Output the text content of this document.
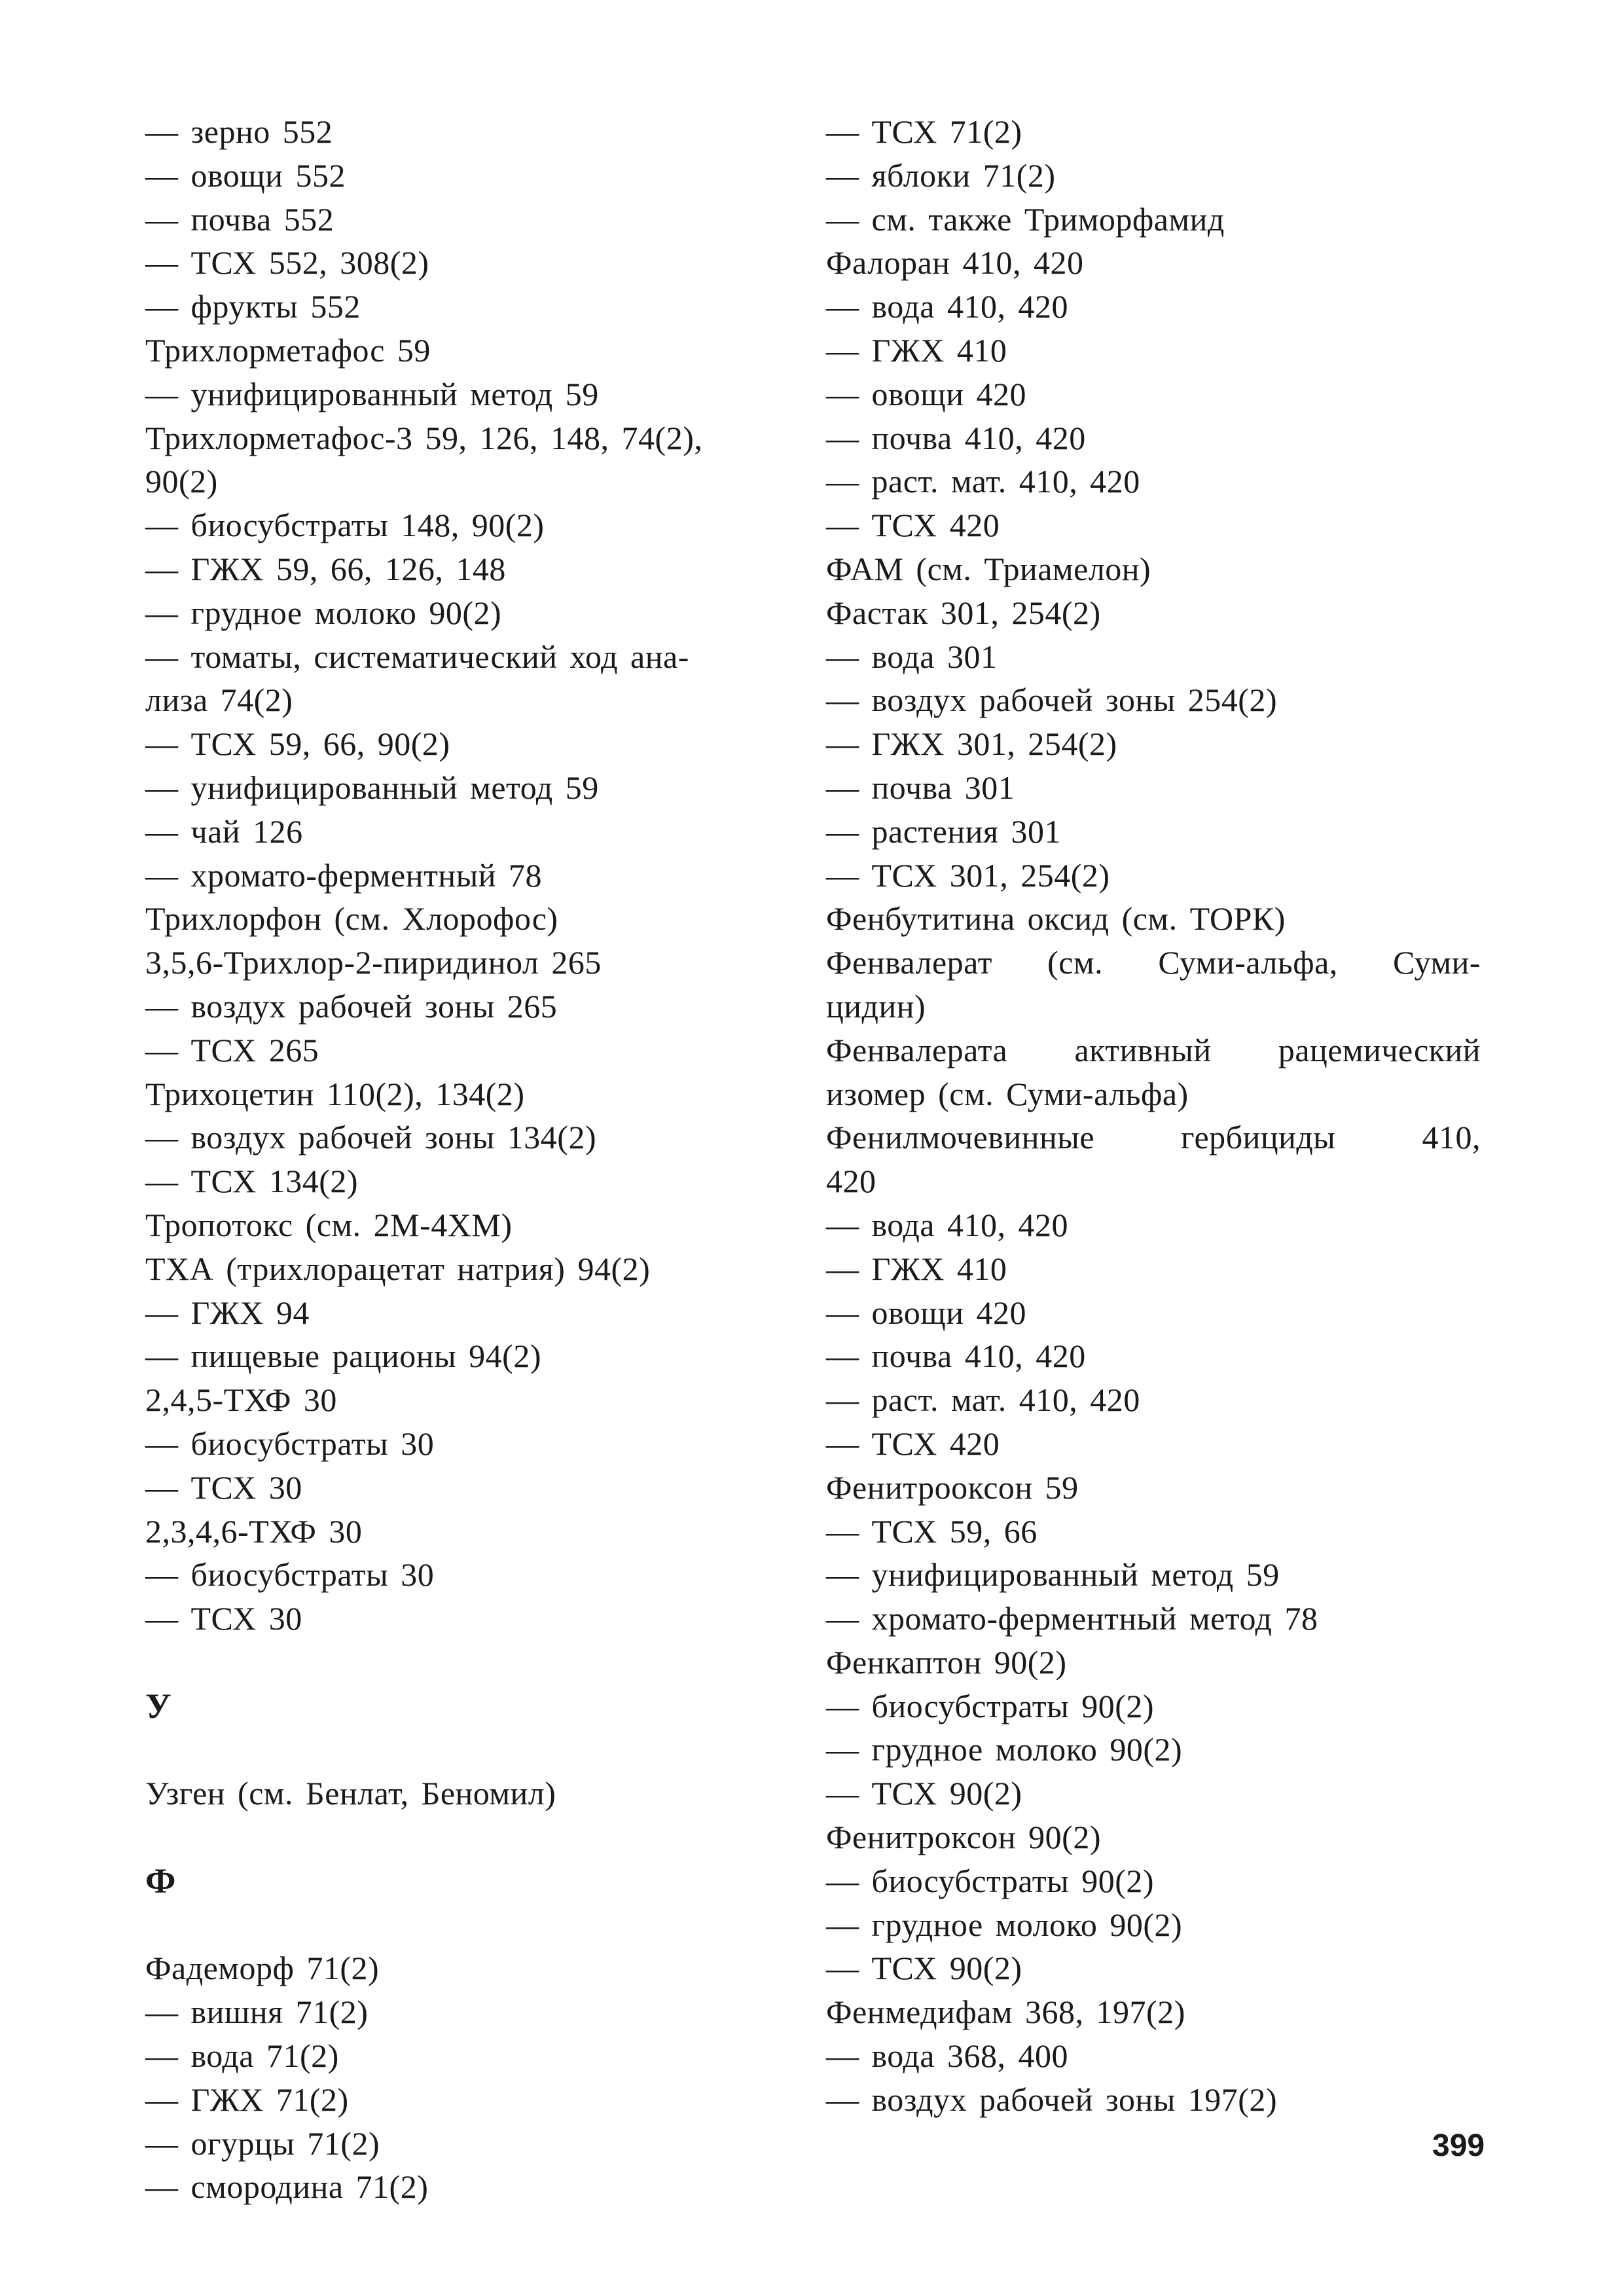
— зерно 552
— овощи 552
— почва 552
— ТСХ 552, 308(2)
— фрукты 552
Трихлорметафос 59
— унифицированный метод 59
Трихлорметафос-3 59, 126, 148, 74(2),
90(2)
— биосубстраты 148, 90(2)
— ГЖХ 59, 66, 126, 148
— грудное молоко 90(2)
— томаты, систематический ход ана-
лиза 74(2)
— ТСХ 59, 66, 90(2)
— унифицированный метод 59
— чай 126
— хромато-ферментный 78
Трихлорфон (см. Хлорофос)
3,5,6-Трихлор-2-пиридинол 265
— воздух рабочей зоны 265
— ТСХ 265
Трихоцетин 110(2), 134(2)
— воздух рабочей зоны 134(2)
— ТСХ 134(2)
Тропотокс (см. 2М-4ХМ)
ТХА (трихлорацетат натрия) 94(2)
— ГЖХ 94
— пищевые рационы 94(2)
2,4,5-ТХФ 30
— биосубстраты 30
— ТСХ 30
2,3,4,6-ТХФ 30
— биосубстраты 30
— ТСХ 30
У
Узген (см. Бенлат, Беномил)
Ф
Фадеморф 71(2)
— вишня 71(2)
— вода 71(2)
— ГЖХ 71(2)
— огурцы 71(2)
— смородина 71(2)
— ТСХ 71(2)
— яблоки 71(2)
— см. также Триморфамид
Фалоран 410, 420
— вода 410, 420
— ГЖХ 410
— овощи 420
— почва 410, 420
— раст. мат. 410, 420
— ТСХ 420
ФАМ (см. Триамелон)
Фастак 301, 254(2)
— вода 301
— воздух рабочей зоны 254(2)
— ГЖХ 301, 254(2)
— почва 301
— растения 301
— ТСХ 301, 254(2)
Фенбутитина оксид (см. ТОРК)
Фенвалерат (см. Суми-альфа, Суми-
цидин)
Фенвалерата активный рацемический
изомер (см. Суми-альфа)
Фенилмочевинные гербициды 410,
420
— вода 410, 420
— ГЖХ 410
— овощи 420
— почва 410, 420
— раст. мат. 410, 420
— ТСХ 420
Фенитрооксон 59
— ТСХ 59, 66
— унифицированный метод 59
— хромато-ферментный метод 78
Фенкаптон 90(2)
— биосубстраты 90(2)
— грудное молоко 90(2)
— ТСХ 90(2)
Фенитроксон 90(2)
— биосубстраты 90(2)
— грудное молоко 90(2)
— ТСХ 90(2)
Фенмедифам 368, 197(2)
— вода 368, 400
— воздух рабочей зоны 197(2)
399
